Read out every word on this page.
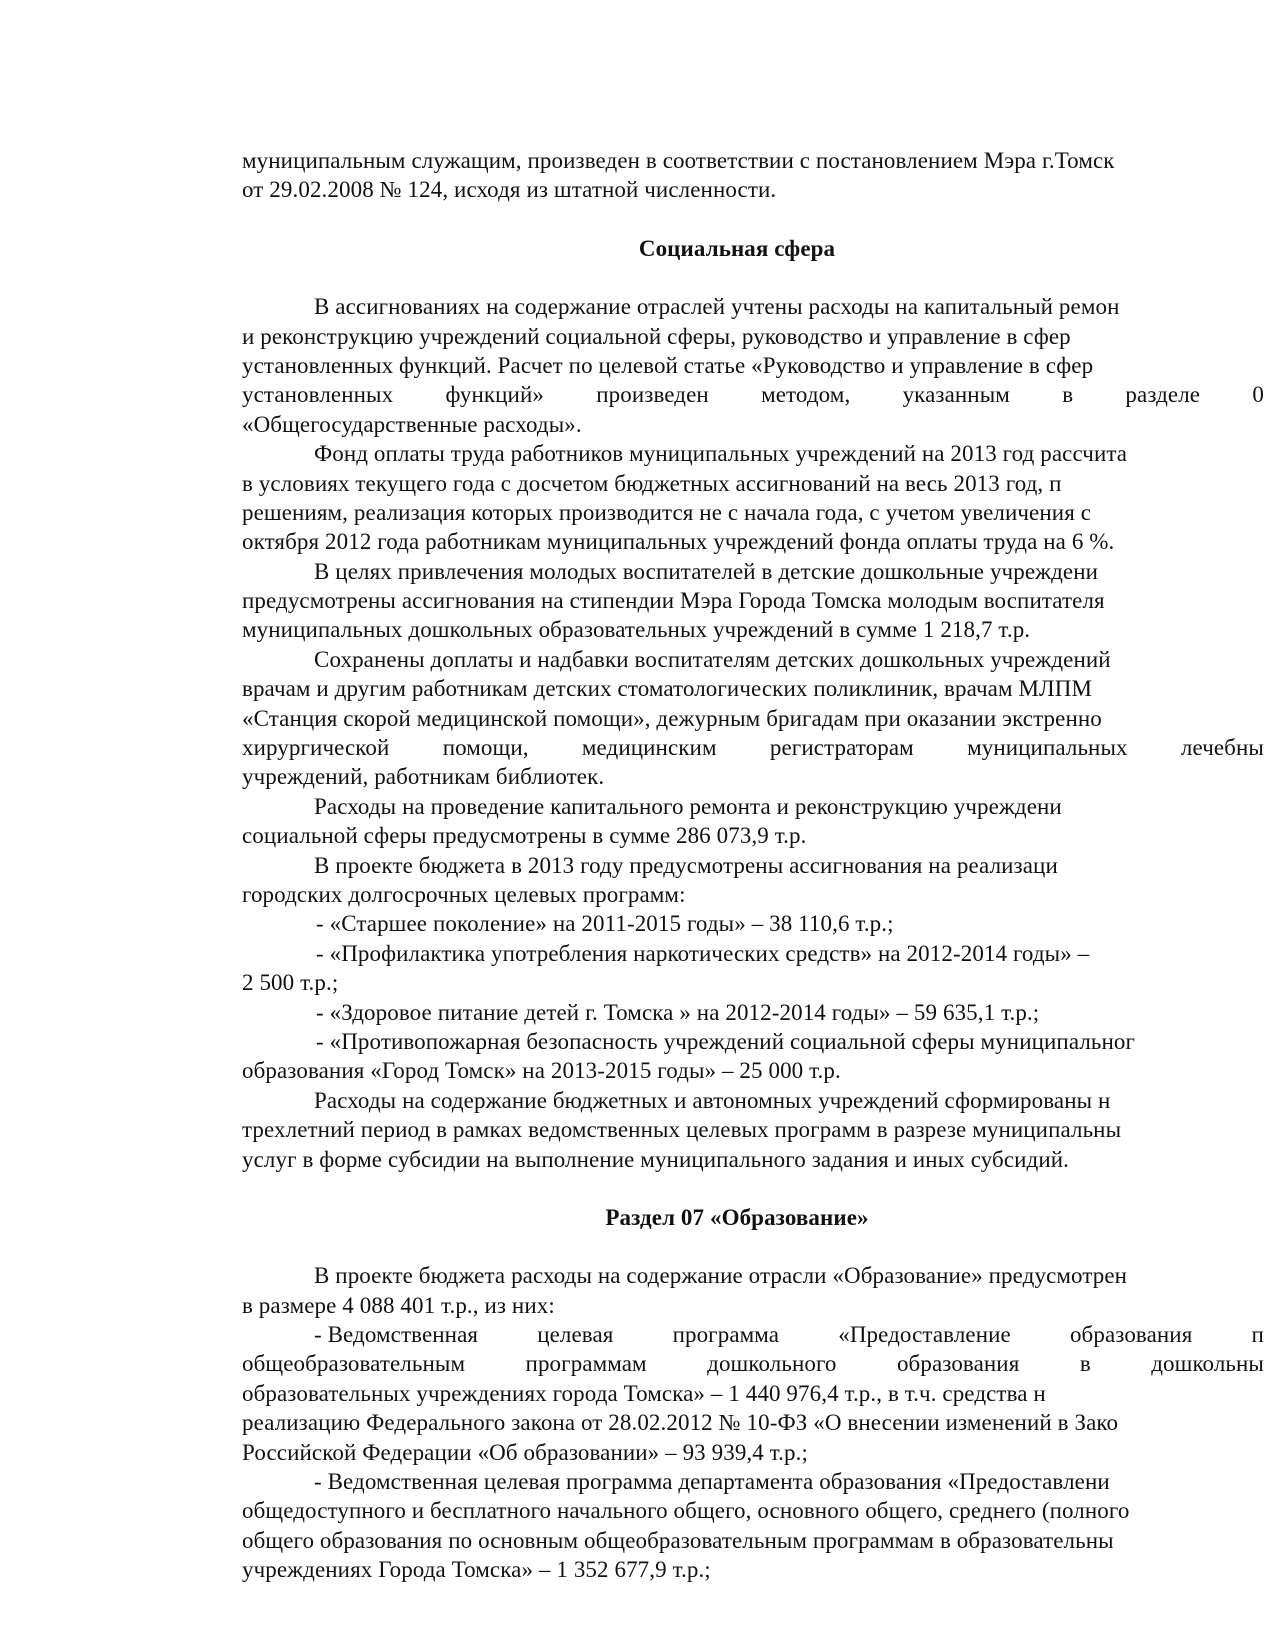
муниципальным служащим, произведен в соответствии с постановлением Мэра г.Томск
от 29.02.2008 № 124, исходя из штатной численности.
Социальная сфера
В ассигнованиях на содержание отраслей учтены расходы на капитальный ремон
и реконструкцию учреждений социальной сферы, руководство и управление в сфер
установленных функций. Расчет по целевой статье «Руководство и управление в сфер
установленных функций» произведен методом, указанным в разделе 0
«Общегосударственные расходы».
Фонд оплаты труда работников муниципальных учреждений на 2013 год рассчита
в условиях текущего года с досчетом бюджетных ассигнований на весь 2013 год, п
решениям, реализация которых производится не с начала года, с учетом увеличения с
октября 2012 года работникам муниципальных учреждений фонда оплаты труда на 6 %.
В целях привлечения молодых воспитателей в детские дошкольные учреждени
предусмотрены ассигнования на стипендии Мэра Города Томска молодым воспитателя
муниципальных дошкольных образовательных учреждений в сумме 1 218,7 т.р.
Сохранены доплаты и надбавки воспитателям детских дошкольных учреждений
врачам и другим работникам детских стоматологических поликлиник, врачам МЛПМ
«Станция скорой медицинской помощи», дежурным бригадам при оказании экстренно
хирургической помощи, медицинским регистраторам муниципальных лечебны
учреждений, работникам библиотек.
Расходы на проведение капитального ремонта и реконструкцию учреждени
социальной сферы предусмотрены в сумме 286 073,9 т.р.
В проекте бюджета в 2013 году предусмотрены ассигнования на реализаци
городских долгосрочных целевых программ:
- «Старшее поколение» на 2011-2015 годы» – 38 110,6 т.р.;
- «Профилактика употребления наркотических средств» на 2012-2014 годы» –
2 500 т.р.;
- «Здоровое питание детей г. Томска » на 2012-2014 годы» – 59 635,1 т.р.;
- «Противопожарная безопасность учреждений социальной сферы муниципальног
образования «Город Томск» на 2013-2015 годы» – 25 000 т.р.
Расходы на содержание бюджетных и автономных учреждений сформированы н
трехлетний период в рамках ведомственных целевых программ в разрезе муниципальны
услуг в форме субсидии на выполнение муниципального задания и иных субсидий.
Раздел 07 «Образование»
В проекте бюджета расходы на содержание отрасли «Образование» предусмотрен
в размере 4 088 401 т.р., из них:
- Ведомственная	целевая	программа	«Предоставление	образования	п
общеобразовательным	программам	дошкольного	образования	в	дошкольны
образовательных учреждениях города Томска» – 1 440 976,4 т.р., в т.ч. средства н
реализацию Федерального закона от 28.02.2012 № 10-ФЗ «О внесении изменений в Зако
Российской Федерации «Об образовании» – 93 939,4 т.р.;
- Ведомственная целевая программа департамента образования «Предоставлени
общедоступного и бесплатного начального общего, основного общего, среднего (полного
общего образования по основным общеобразовательным программам в образовательны
учреждениях Города Томска» – 1 352 677,9 т.р.;
